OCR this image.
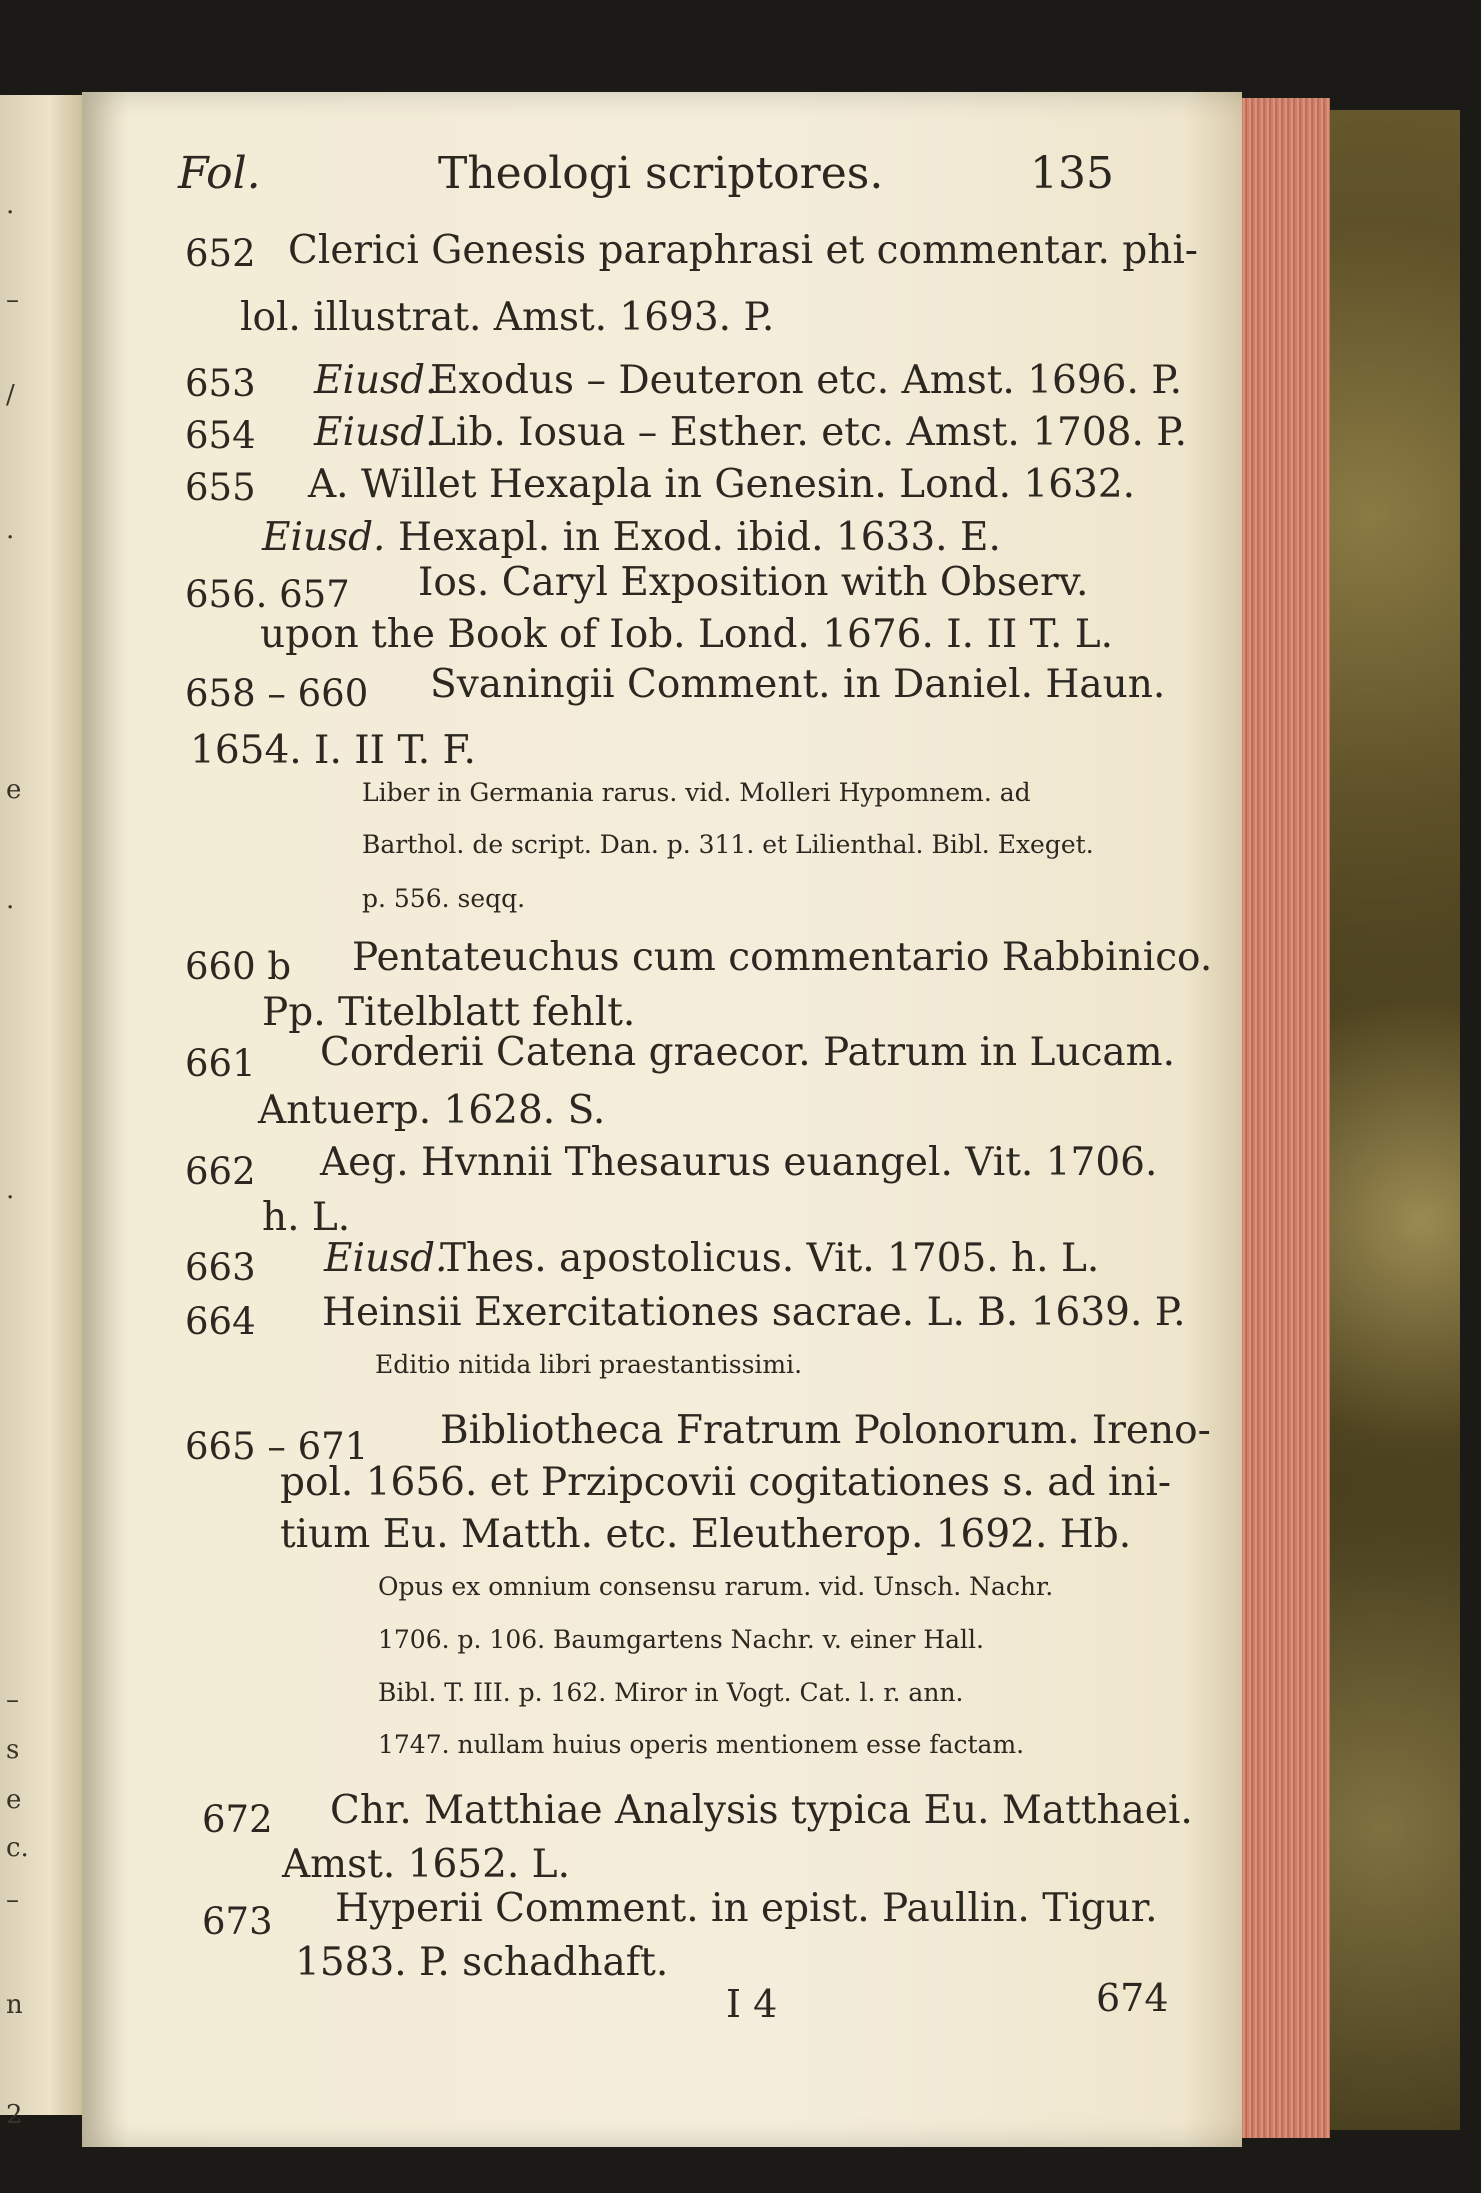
.
–
/
.
e
.
.
–
s
e
c.
–
n
2
Fol.	Theologi scriptores.	135
652 Clerici Genesis paraphrasi et commentar. phi-
lol. illustrat. Amst. 1693. P.
653 Eiusd.
Exodus – Deuteron etc. Amst. 1696. P.
654 Eiusd.
Lib. Iosua – Esther. etc. Amst. 1708. P.
655 A. Willet Hexapla in Genesin. Lond. 1632.
Eiusd. Hexapl. in Exod. ibid. 1633. E.
656. 657 Ios. Caryl Exposition with Observ.
upon the Book of Iob. Lond. 1676. I. II T. L.
658 – 660 Svaningii Comment. in Daniel. Haun.
1654. I. II T. F.
Liber in Germania rarus. vid. Molleri Hypomnem. ad
Barthol. de script. Dan. p. 311. et Lilienthal. Bibl. Exeget.
p. 556. seqq.
660 b Pentateuchus cum commentario Rabbinico.
Pp. Titelblatt fehlt.
661 Corderii Catena graecor. Patrum in Lucam.
Antuerp. 1628. S.
662 Aeg. Hvnnii Thesaurus euangel. Vit. 1706.
h. L.
663 Eiusd.
Thes. apostolicus. Vit. 1705. h. L.
664 Heinsii Exercitationes sacrae. L. B. 1639. P.
Editio nitida libri praestantissimi.
665 – 671 Bibliotheca Fratrum Polonorum. Ireno-
pol. 1656. et Przipcovii cogitationes s. ad ini-
tium Eu. Matth. etc. Eleutherop. 1692. Hb.
Opus ex omnium consensu rarum. vid. Unsch. Nachr.
1706. p. 106. Baumgartens Nachr. v. einer Hall.
Bibl. T. III. p. 162. Miror in Vogt. Cat. l. r. ann.
1747. nullam huius operis mentionem esse factam.
672 Chr. Matthiae Analysis typica Eu. Matthaei.
Amst. 1652. L.
673 Hyperii Comment. in epist. Paullin. Tigur.
1583. P. schadhaft.
I 4	674
